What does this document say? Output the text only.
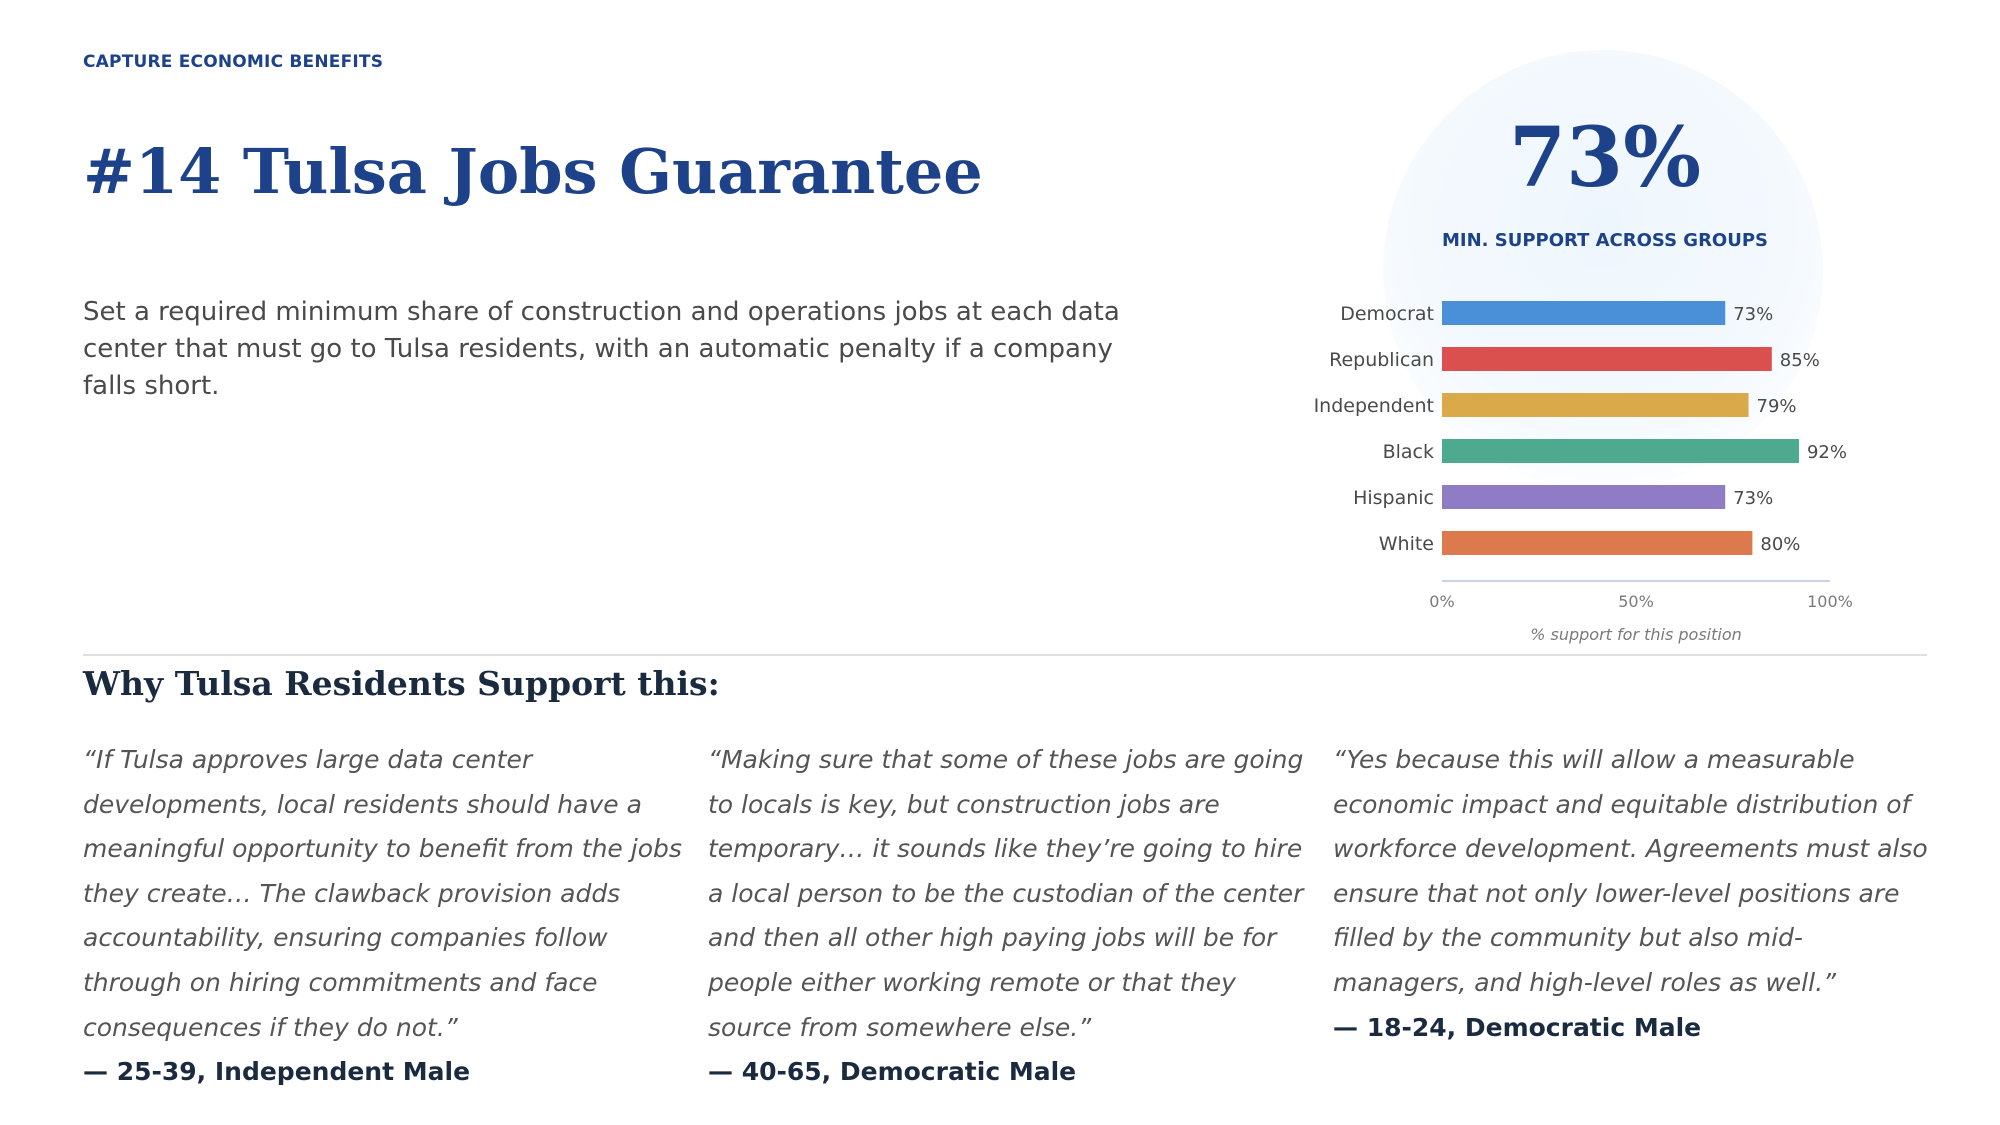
CAPTURE ECONOMIC BENEFITS
#14 Tulsa Jobs Guarantee

Set a required minimum share of construction and operations jobs at each data center that must go to Tulsa residents, with an automatic penalty if a company falls short.

73%
MIN. SUPPORT ACROSS GROUPS
Democrat	73%
Republican	85%
Independent	79%
Black	92%
Hispanic	73%
White	80%
0%	50%	100%
% support for this position
Why Tulsa Residents Support this:

“If Tulsa approves large data center developments, local residents should have a meaningful opportunity to benefit from the jobs they create… The clawback provision adds accountability, ensuring companies follow through on hiring commitments and face consequences if they do not.”

— 25-39, Independent Male

“Making sure that some of these jobs are going to locals is key, but construction jobs are temporary… it sounds like they’re going to hire a local person to be the custodian of the center and then all other high paying jobs will be for people either working remote or that they source from somewhere else.”

— 40-65, Democratic Male

“Yes because this will allow a measurable economic impact and equitable distribution of workforce development. Agreements must also ensure that not only lower-level positions are filled by the community but also mid-managers, and high-level roles as well.”

— 18-24, Democratic Male
